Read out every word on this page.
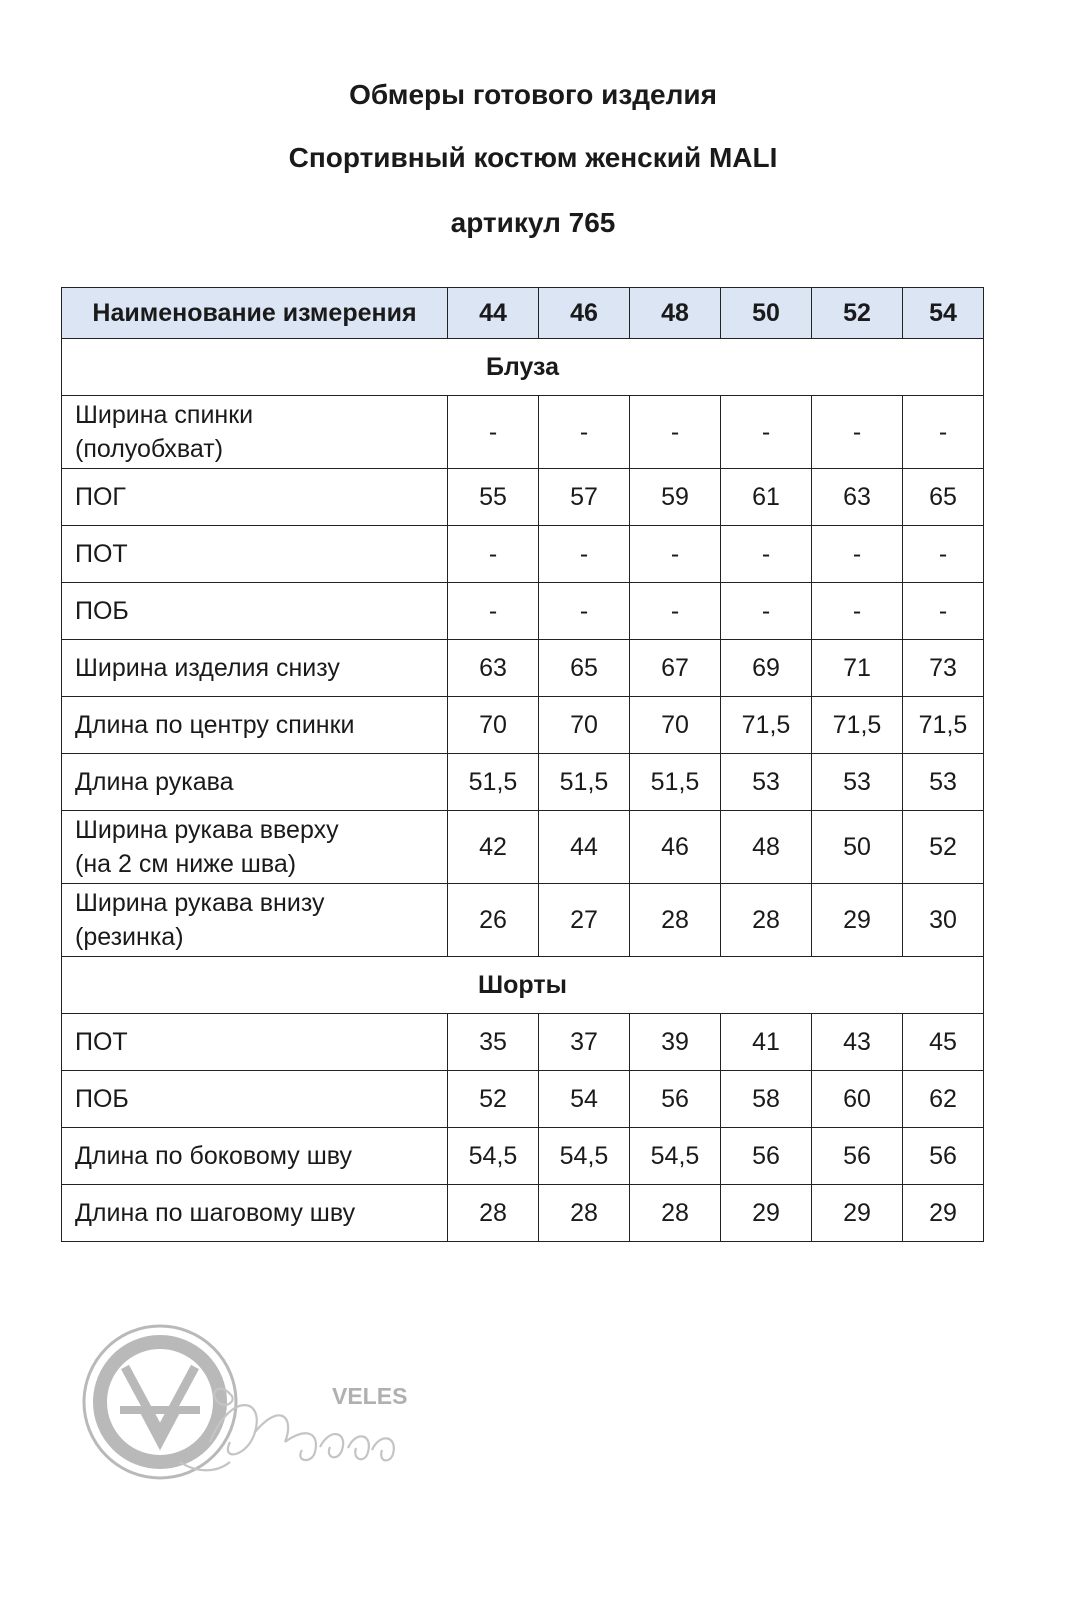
Обмеры готового изделия
Спортивный костюм женский MALI
артикул 765
Наименование измерения	44	46	48	50	52	54
Блуза						
Ширина спинки
(полуобхват)	-	-	-	-	-	-
ПОГ	55	57	59	61	63	65
ПОТ	-	-	-	-	-	-
ПОБ	-	-	-	-	-	-
Ширина изделия снизу	63	65	67	69	71	73
Длина по центру спинки	70	70	70	71,5	71,5	71,5
Длина рукава	51,5	51,5	51,5	53	53	53
Ширина рукава вверху
(на 2 см ниже шва)	42	44	46	48	50	52
Ширина рукава внизу
(резинка)	26	27	28	28	29	30
Шорты						
ПОТ	35	37	39	41	43	45
ПОБ	52	54	56	58	60	62
Длина по боковому шву	54,5	54,5	54,5	56	56	56
Длина по шаговому шву	28	28	28	29	29	29
VELES
